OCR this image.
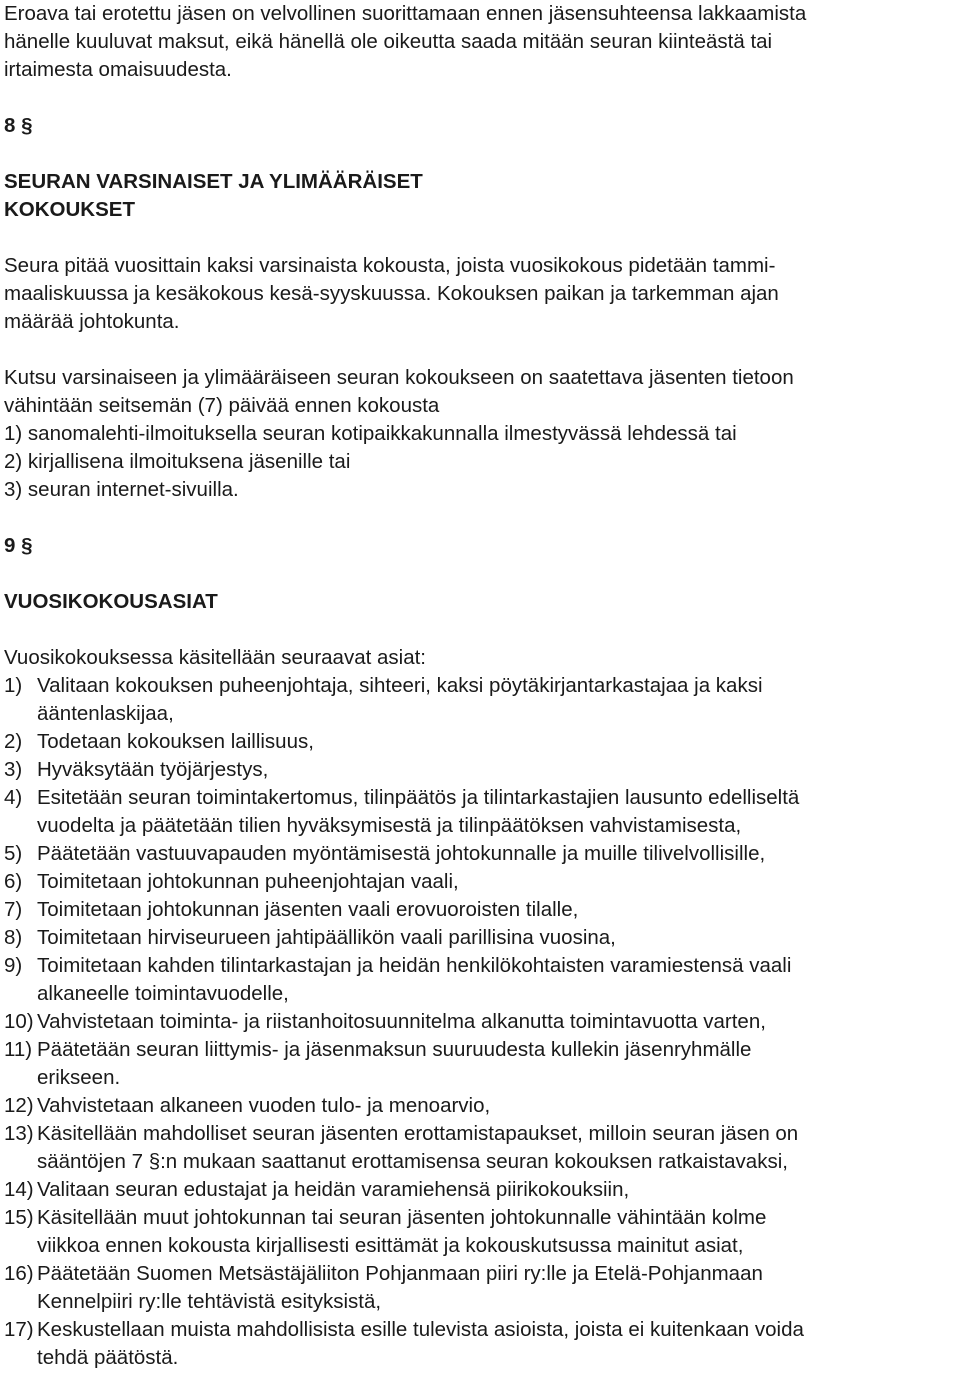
Eroava tai erotettu jäsen on velvollinen suorittamaan ennen jäsensuhteensa lakkaamista
hänelle kuuluvat maksut, eikä hänellä ole oikeutta saada mitään seuran kiinteästä tai
irtaimesta omaisuudesta.
8 §
SEURAN VARSINAISET JA YLIMÄÄRÄISET
KOKOUKSET
Seura pitää vuosittain kaksi varsinaista kokousta, joista vuosikokous pidetään tammi-
maaliskuussa ja kesäkokous kesä-syyskuussa. Kokouksen paikan ja tarkemman ajan
määrää johtokunta.
Kutsu varsinaiseen ja ylimääräiseen seuran kokoukseen on saatettava jäsenten tietoon
vähintään seitsemän (7) päivää ennen kokousta
1) sanomalehti-ilmoituksella seuran kotipaikkakunnalla ilmestyvässä lehdessä tai
2) kirjallisena ilmoituksena jäsenille tai
3) seuran internet-sivuilla.
9 §
VUOSIKOKOUSASIAT
Vuosikokouksessa käsitellään seuraavat asiat:
1) Valitaan kokouksen puheenjohtaja, sihteeri, kaksi pöytäkirjantarkastajaa ja kaksi
ääntenlaskijaa,
2) Todetaan kokouksen laillisuus,
3) Hyväksytään työjärjestys,
4) Esitetään seuran toimintakertomus, tilinpäätös ja tilintarkastajien lausunto edelliseltä
vuodelta ja päätetään tilien hyväksymisestä ja tilinpäätöksen vahvistamisesta,
5) Päätetään vastuuvapauden myöntämisestä johtokunnalle ja muille tilivelvollisille,
6) Toimitetaan johtokunnan puheenjohtajan vaali,
7) Toimitetaan johtokunnan jäsenten vaali erovuoroisten tilalle,
8) Toimitetaan hirviseurueen jahtipäällikön vaali parillisina vuosina,
9) Toimitetaan kahden tilintarkastajan ja heidän henkilökohtaisten varamiestensä vaali
alkaneelle toimintavuodelle,
10) Vahvistetaan toiminta- ja riistanhoitosuunnitelma alkanutta toimintavuotta varten,
11) Päätetään seuran liittymis- ja jäsenmaksun suuruudesta kullekin jäsenryhmälle
erikseen.
12) Vahvistetaan alkaneen vuoden tulo- ja menoarvio,
13) Käsitellään mahdolliset seuran jäsenten erottamistapaukset, milloin seuran jäsen on
sääntöjen 7 §:n mukaan saattanut erottamisensa seuran kokouksen ratkaistavaksi,
14) Valitaan seuran edustajat ja heidän varamiehensä piirikokouksiin,
15) Käsitellään muut johtokunnan tai seuran jäsenten johtokunnalle vähintään kolme
viikkoa ennen kokousta kirjallisesti esittämät ja kokouskutsussa mainitut asiat,
16) Päätetään Suomen Metsästäjäliiton Pohjanmaan piiri ry:lle ja Etelä-Pohjanmaan
Kennelpiiri ry:lle tehtävistä esityksistä,
17) Keskustellaan muista mahdollisista esille tulevista asioista, joista ei kuitenkaan voida
tehdä päätöstä.
